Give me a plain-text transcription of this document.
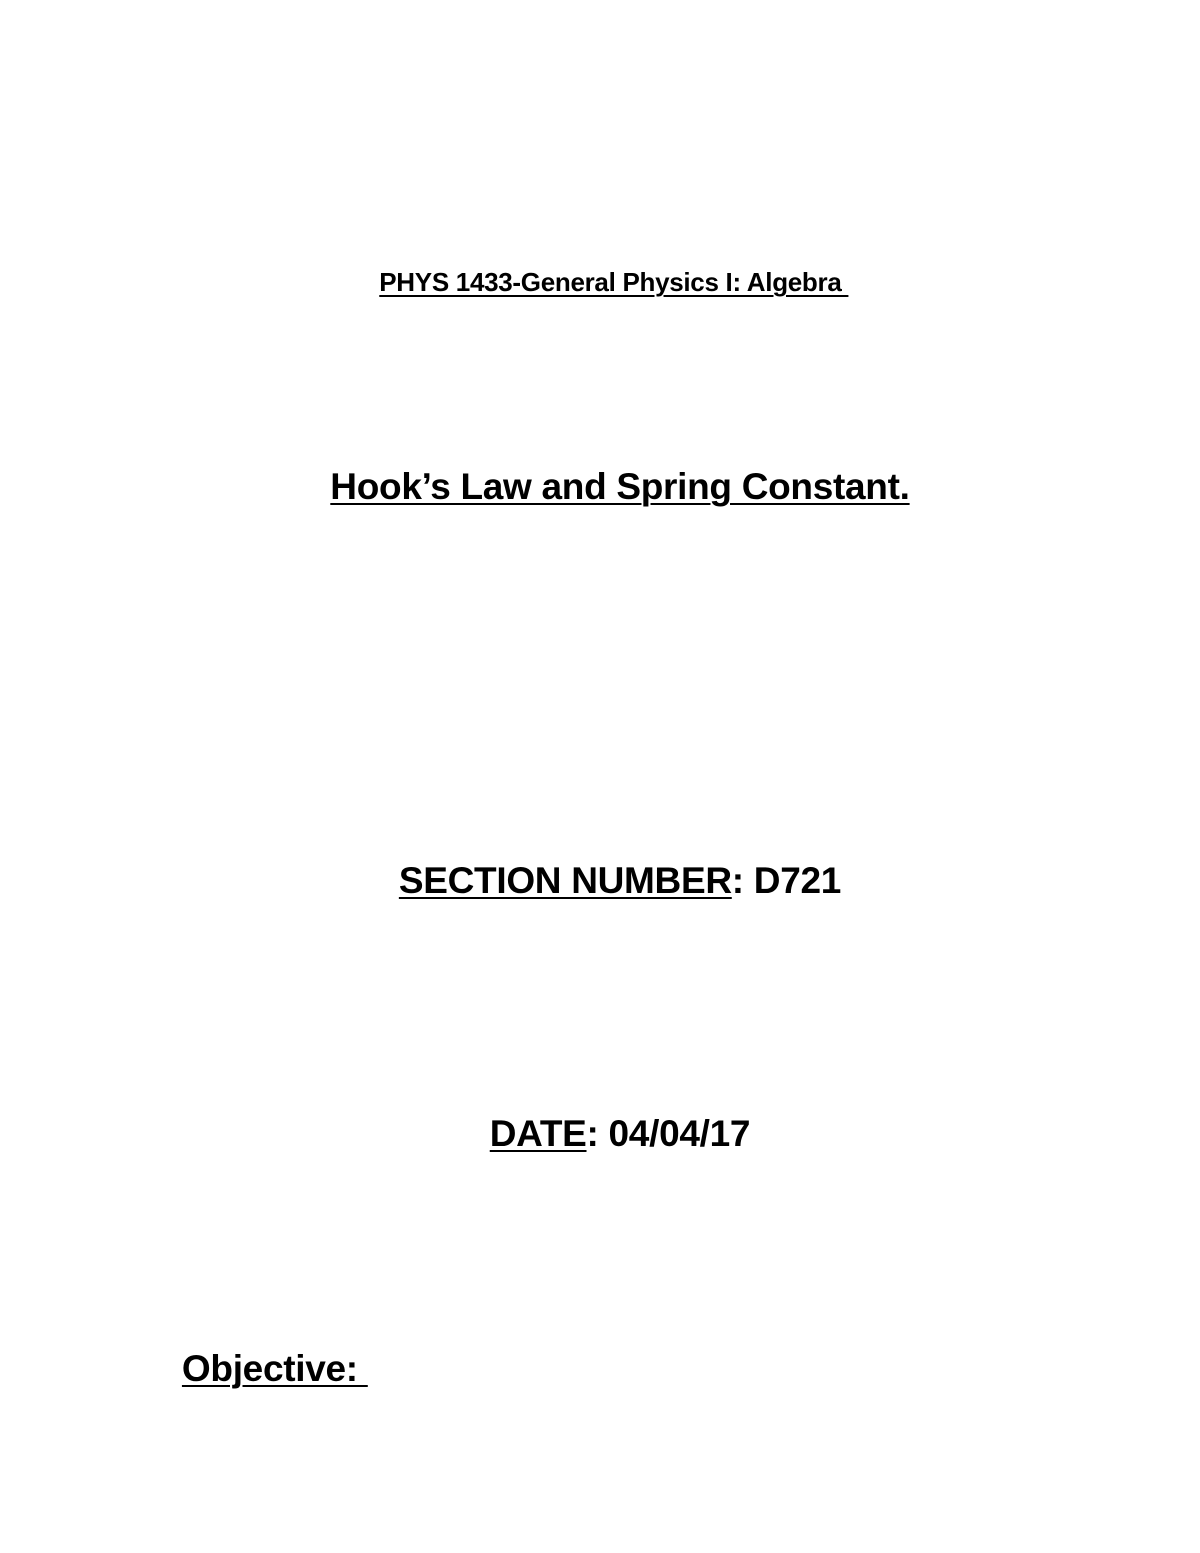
PHYS 1433-General Physics I: Algebra

Hook’s Law and Spring Constant.

SECTION NUMBER: D721

DATE: 04/04/17

Objective:
